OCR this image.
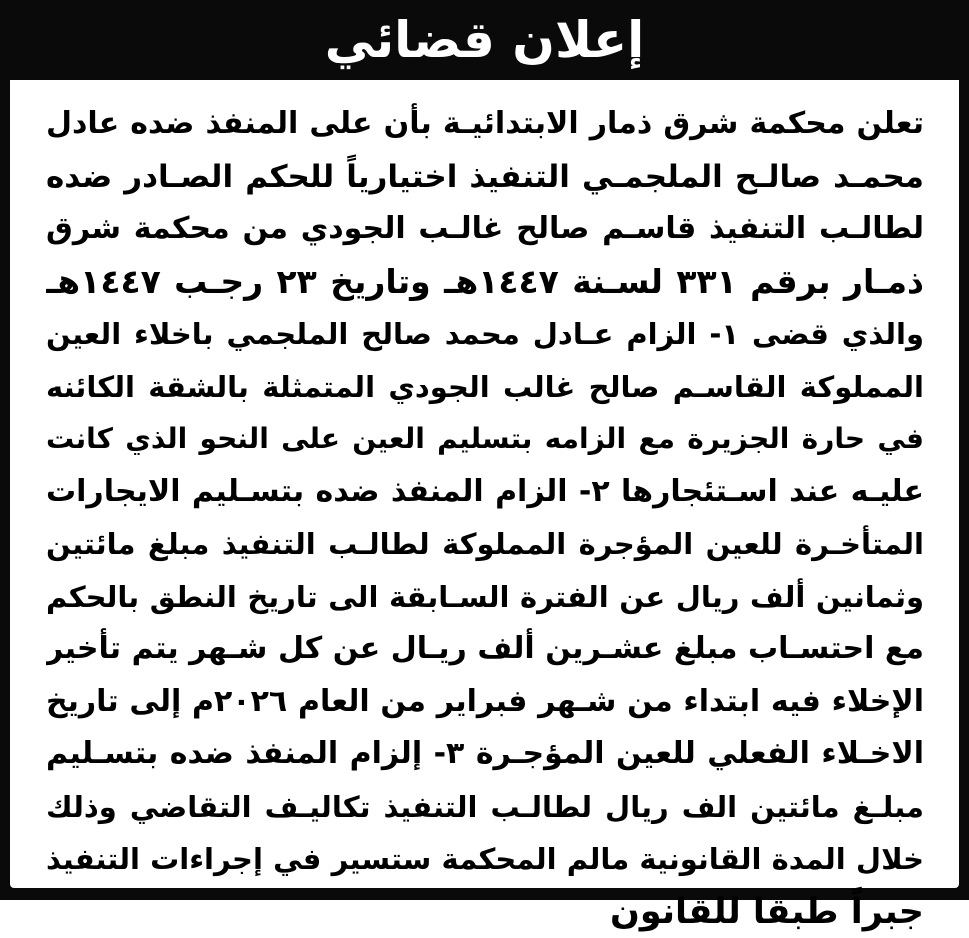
إعلان قضائي
تعلن محكمة شرق ذمار الابتدائيـة بأن على المنفذ ضده عادل
محمـد صالـح الملجمـي التنفيذ اختيارياً للحكم الصـادر ضده
لطالـب التنفيذ قاسـم صالح غالـب الجودي من محكمة شرق
ذمـار برقم ٣٣١ لسـنة ١٤٤٧هـ وتاريخ ٢٣ رجـب ١٤٤٧هـ
والذي قضى ١- الزام عـادل محمد صالح الملجمي باخلاء العين
المملوكة القاسـم صالح غالب الجودي المتمثلة بالشقة الكائنه
في حارة الجزيرة مع الزامه بتسليم العين على النحو الذي كانت
عليـه عند اسـتئجارها ٢- الزام المنفذ ضده بتسـليم الايجارات
المتأخـرة للعين المؤجرة المملوكة لطالـب التنفيذ مبلغ مائتين
وثمانين ألف ريال عن الفترة السـابقة الى تاريخ النطق بالحكم
مع احتسـاب مبلغ عشـرين ألف ريـال عن كل شـهر يتم تأخير
الإخلاء فيه ابتداء من شـهر فبراير من العام ٢٠٢٦م إلى تاريخ
الاخـلاء الفعلي للعين المؤجـرة ٣- إلزام المنفذ ضده بتسـليم
مبلـغ مائتين الف ريال لطالـب التنفيذ تكاليـف التقاضي وذلك
خلال المدة القانونية مالم المحكمة ستسير في إجراءات التنفيذ
جبراً طبقا للقانون
